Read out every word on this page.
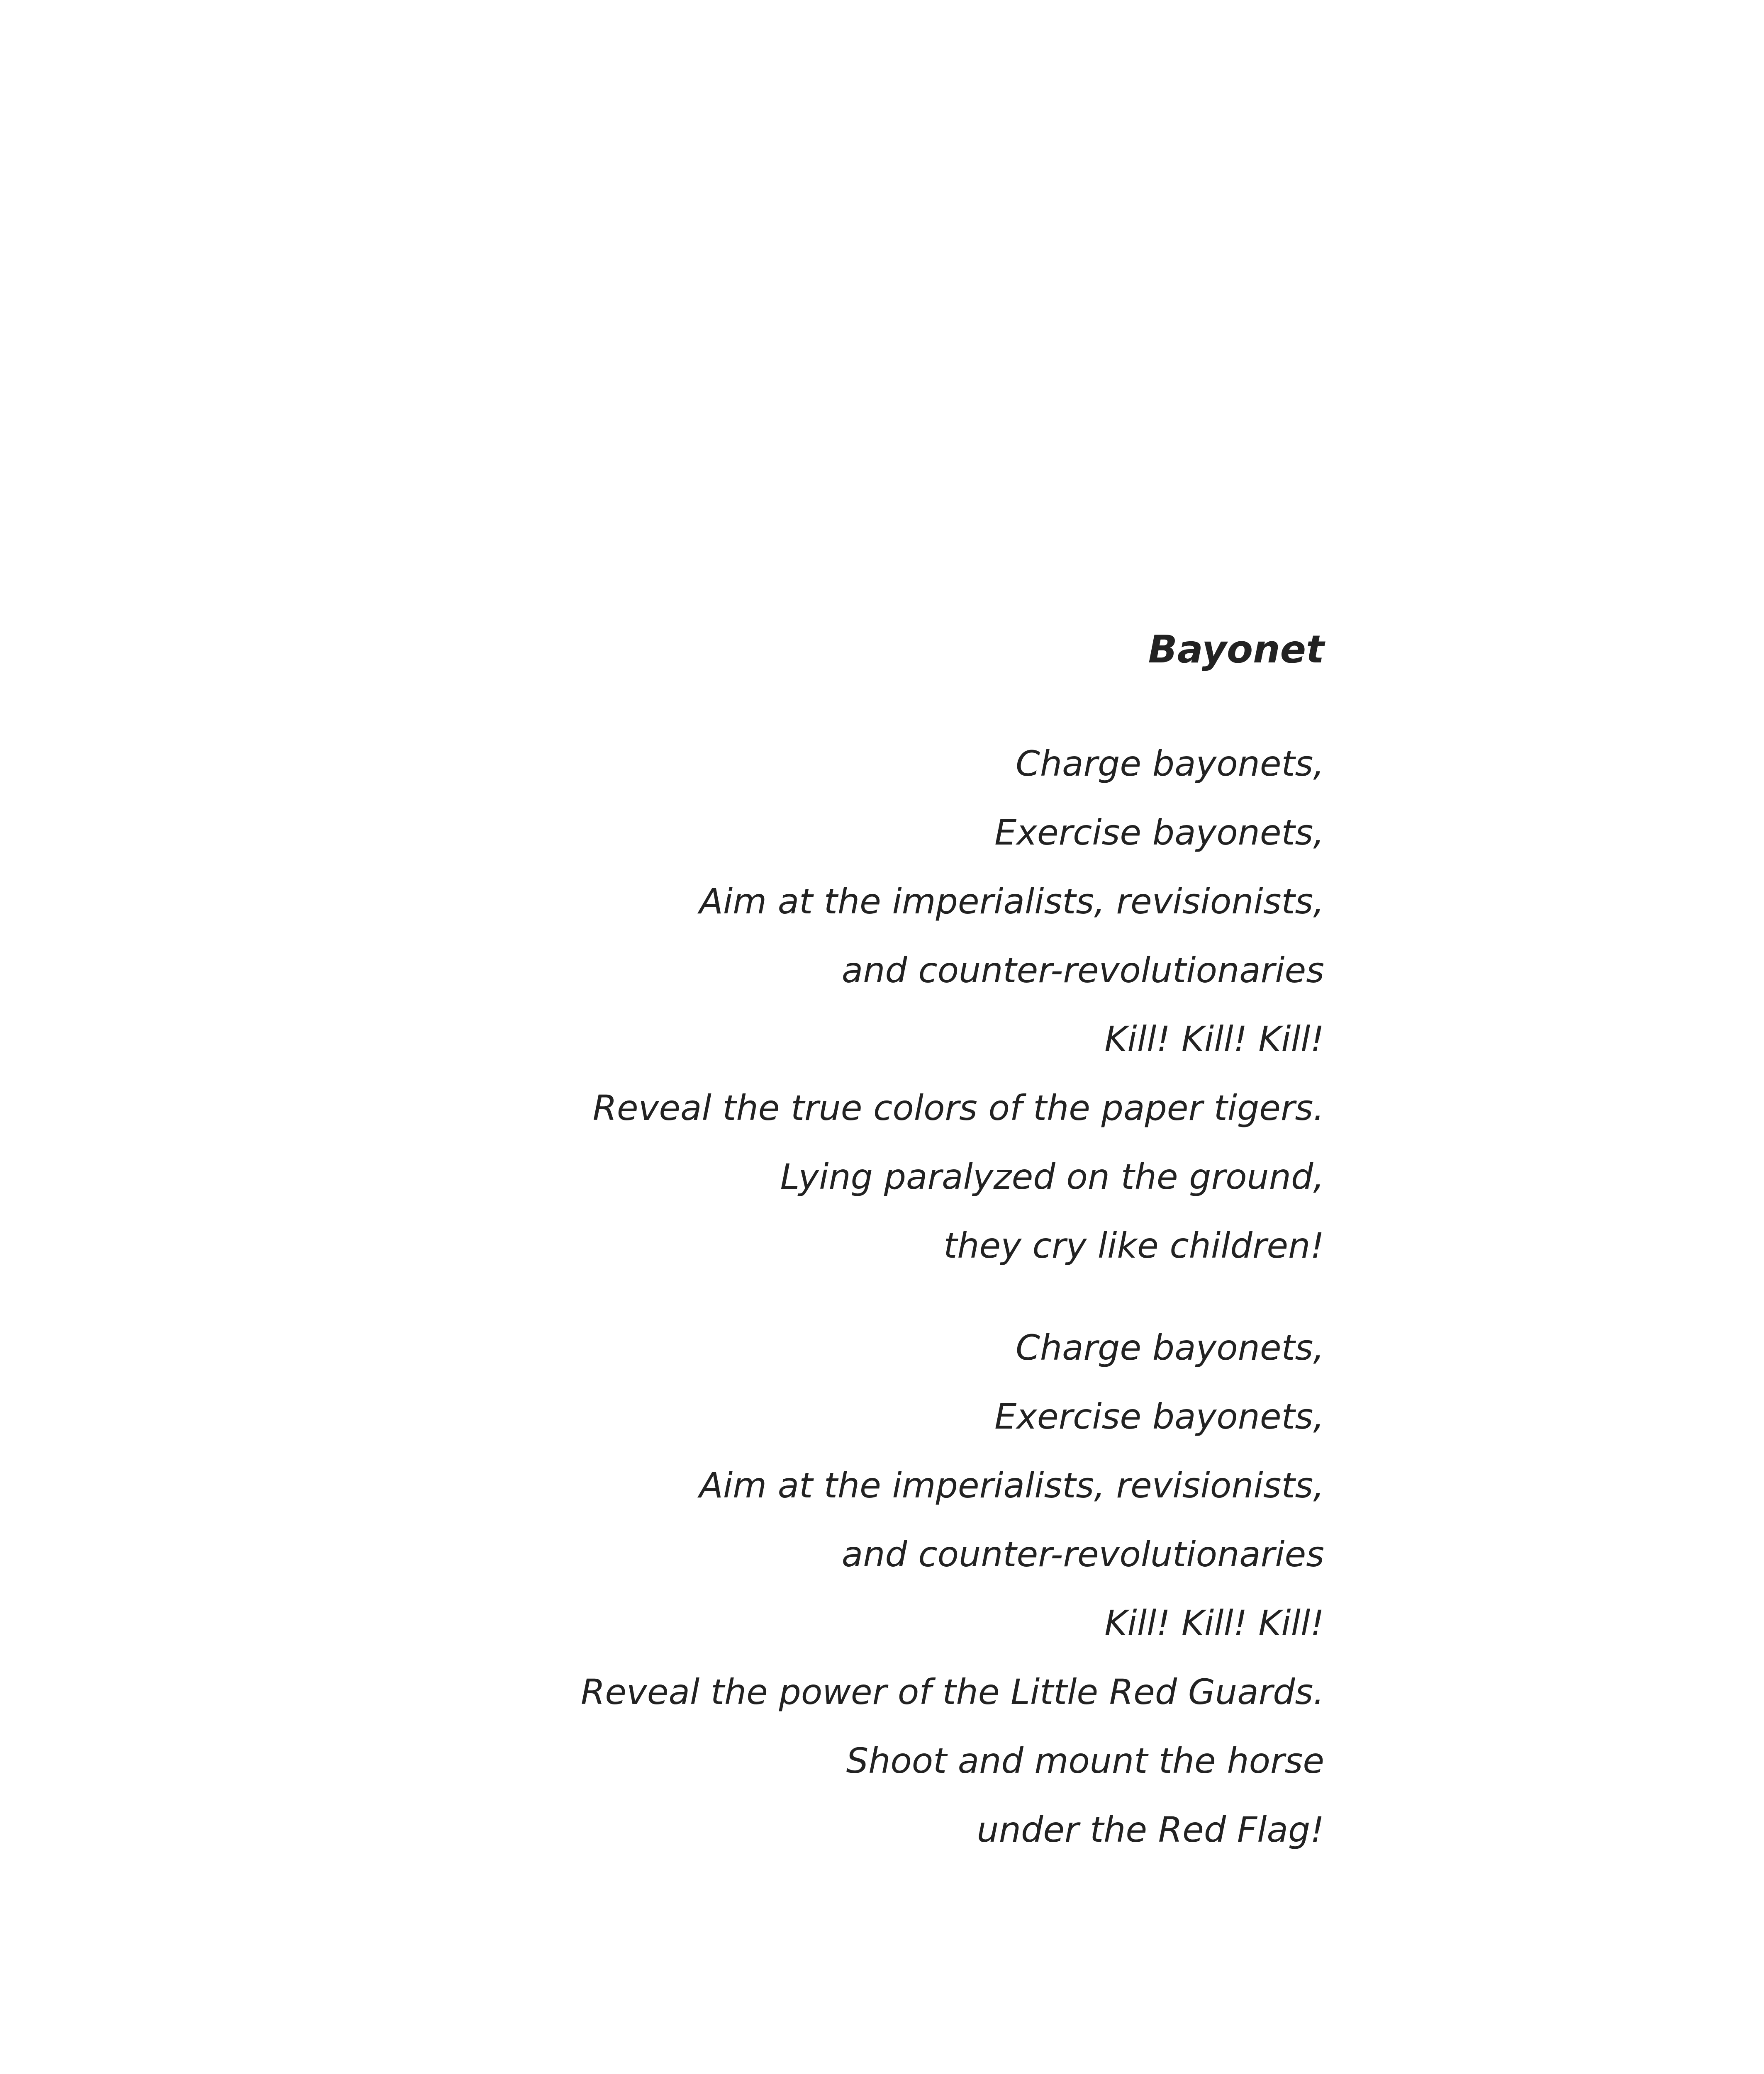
Bayonet
Charge bayonets,
Exercise bayonets,
Aim at the imperialists, revisionists,
and counter-revolutionaries
Kill! Kill! Kill!
Reveal the true colors of the paper tigers.
Lying paralyzed on the ground,
they cry like children!
Charge bayonets,
Exercise bayonets,
Aim at the imperialists, revisionists,
and counter-revolutionaries
Kill! Kill! Kill!
Reveal the power of the Little Red Guards.
Shoot and mount the horse
under the Red Flag!
